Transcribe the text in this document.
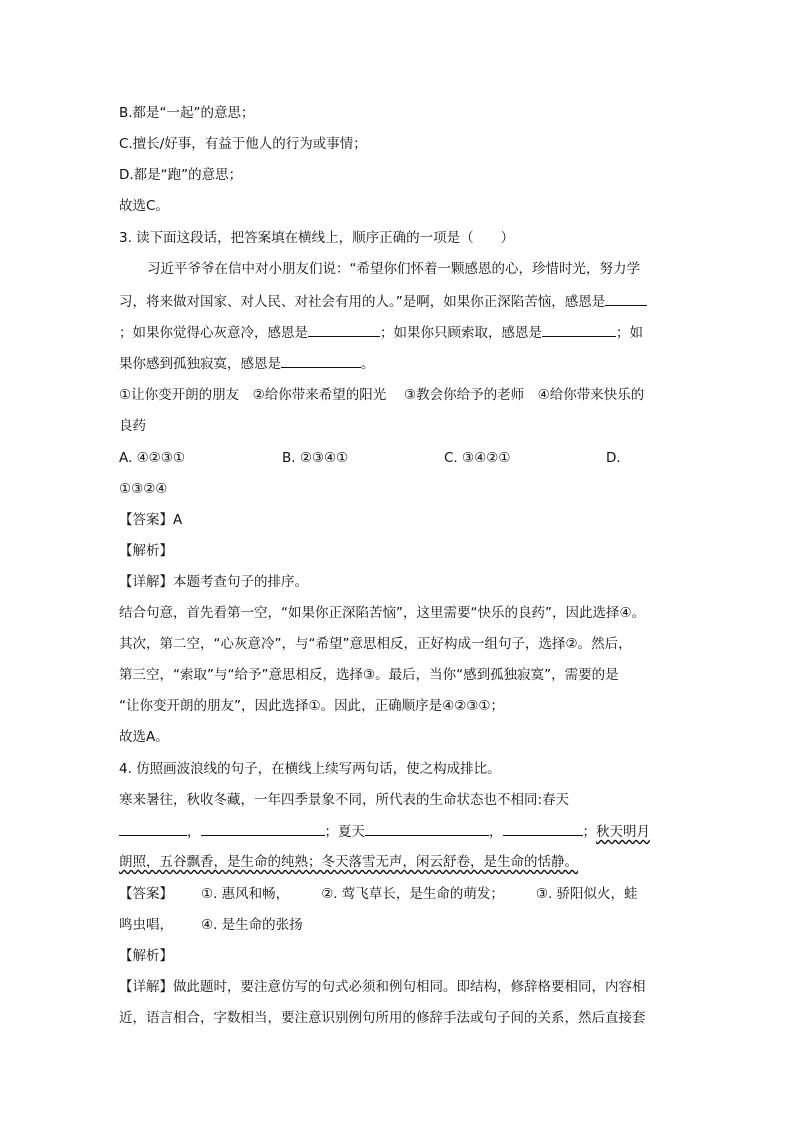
B.都是“一起”的意思；
C.擅长/好事，有益于他人的行为或事情；
D.都是“跑”的意思；
故选C。
3. 读下面这段话，把答案填在横线上，顺序正确的一项是（　　）
习近平爷爷在信中对小朋友们说：“希望你们怀着一颗感恩的心，珍惜时光，努力学
习，将来做对国家、对人民、对社会有用的人。”是啊，如果你正深陷苦恼，感恩是
；如果你觉得心灰意冷，感恩是	；如果你只顾索取，感恩是	；如
果你感到孤独寂寞，感恩是	。
①让你变开朗的朋友　②给你带来希望的阳光　 ③教会你给予的老师　④给你带来快乐的
良药
A. ④②③①	B. ②③④①	C. ③④②①	D.
①③②④
【答案】A
【解析】
【详解】本题考查句子的排序。
结合句意，首先看第一空，“如果你正深陷苦恼”，这里需要“快乐的良药”，因此选择④。
其次，第二空，“心灰意冷”，与“希望”意思相反，正好构成一组句子，选择②。然后，
第三空，“索取”与“给予”意思相反，选择③。最后，当你“感到孤独寂寞”，需要的是
“让你变开朗的朋友”，因此选择①。因此，正确顺序是④②③①；
故选A。
4. 仿照画波浪线的句子，在横线上续写两句话，使之构成排比。
寒来暑往，秋收冬藏，一年四季景象不同，所代表的生命状态也不相同:春天
，	；夏天	，	；秋天明月
朗照，五谷飘香，是生命的纯熟；冬天落雪无声，闲云舒卷，是生命的恬静。
【答案】 ①. 惠风和畅， ②. 莺飞草长，是生命的萌发； ③. 骄阳似火，蛙
鸣虫唱， ④. 是生命的张扬
【解析】
【详解】做此题时，要注意仿写的句式必须和例句相同。即结构，修辞格要相同，内容相
近，语言相合，字数相当，要注意识别例句所用的修辞手法或句子间的关系，然后直接套
